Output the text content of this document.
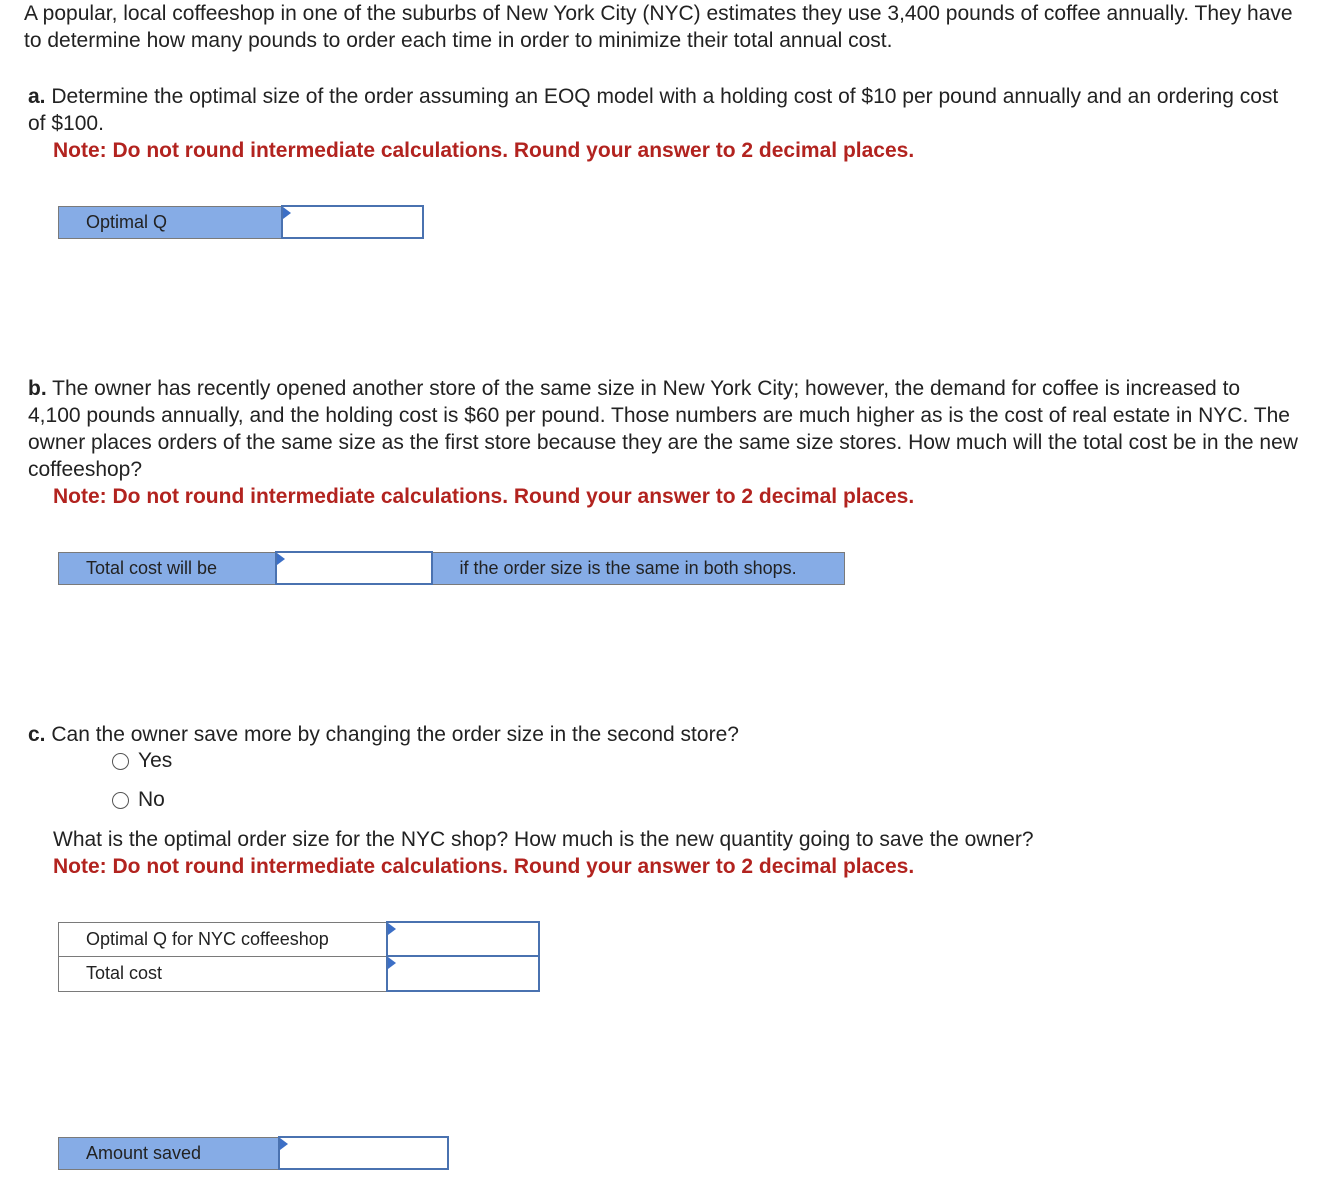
A popular, local coffeeshop in one of the suburbs of New York City (NYC) estimates they use 3,400 pounds of coffee annually. They have to determine how many pounds to order each time in order to minimize their total annual cost.

a. Determine the optimal size of the order assuming an EOQ model with a holding cost of $10 per pound annually and an ordering cost of $100.
Note: Do not round intermediate calculations. Round your answer to 2 decimal places.

Optimal Q	

b. The owner has recently opened another store of the same size in New York City; however, the demand for coffee is increased to 4,100 pounds annually, and the holding cost is $60 per pound. Those numbers are much higher as is the cost of real estate in NYC. The owner places orders of the same size as the first store because they are the same size stores. How much will the total cost be in the new coffeeshop?
Note: Do not round intermediate calculations. Round your answer to 2 decimal places.

Total cost will be		if the order size is the same in both shops.

c. Can the owner save more by changing the order size in the second store?

Yes
No

What is the optimal order size for the NYC shop? How much is the new quantity going to save the owner?
Note: Do not round intermediate calculations. Round your answer to 2 decimal places.

Optimal Q for NYC coffeeshop	

Total cost	
Amount saved	
